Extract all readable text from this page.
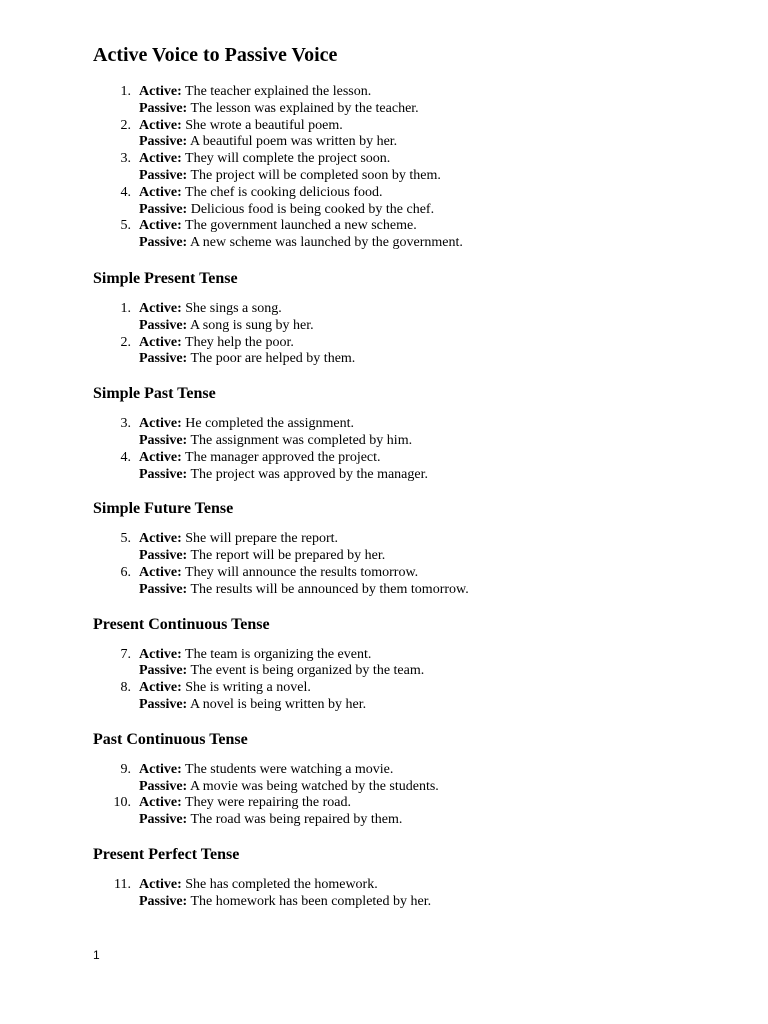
Active Voice to Passive Voice
1. Active: The teacher explained the lesson.
Passive: The lesson was explained by the teacher.
2. Active: She wrote a beautiful poem.
Passive: A beautiful poem was written by her.
3. Active: They will complete the project soon.
Passive: The project will be completed soon by them.
4. Active: The chef is cooking delicious food.
Passive: Delicious food is being cooked by the chef.
5. Active: The government launched a new scheme.
Passive: A new scheme was launched by the government.
Simple Present Tense
1. Active: She sings a song.
Passive: A song is sung by her.
2. Active: They help the poor.
Passive: The poor are helped by them.
Simple Past Tense
3. Active: He completed the assignment.
Passive: The assignment was completed by him.
4. Active: The manager approved the project.
Passive: The project was approved by the manager.
Simple Future Tense
5. Active: She will prepare the report.
Passive: The report will be prepared by her.
6. Active: They will announce the results tomorrow.
Passive: The results will be announced by them tomorrow.
Present Continuous Tense
7. Active: The team is organizing the event.
Passive: The event is being organized by the team.
8. Active: She is writing a novel.
Passive: A novel is being written by her.
Past Continuous Tense
9. Active: The students were watching a movie.
Passive: A movie was being watched by the students.
10. Active: They were repairing the road.
Passive: The road was being repaired by them.
Present Perfect Tense
11. Active: She has completed the homework.
Passive: The homework has been completed by her.
1
